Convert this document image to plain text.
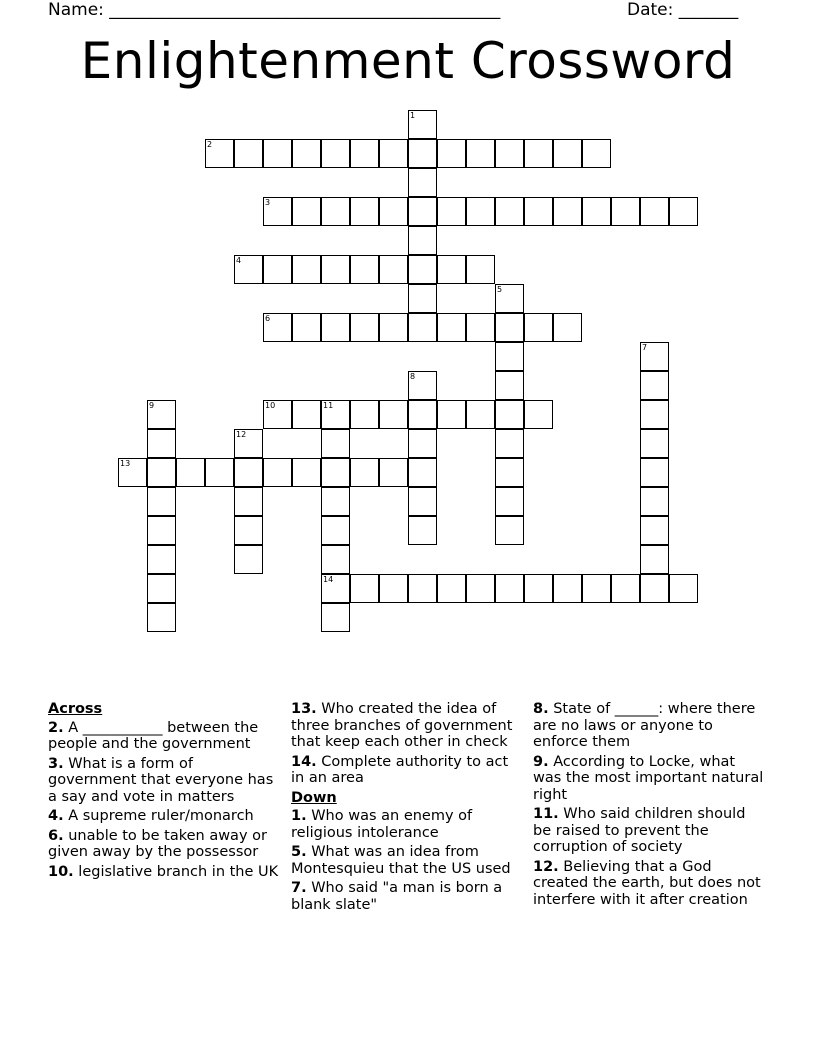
Name: ______________________________________________	Date: _______
Enlightenment Crossword
1
2
3
4
5
6
7
8
9	10	11
14
12
13
Across
2. A ___________ between the people and the government
3. What is a form of government that everyone has a say and vote in matters
4. A supreme ruler/monarch
6. unable to be taken away or given away by the possessor
10. legislative branch in the UK
13. Who created the idea of three branches of government that keep each other in check
14. Complete authority to act in an area
Down
1. Who was an enemy of religious intolerance
5. What was an idea from Montesquieu that the US used
7. Who said "a man is born a blank slate"
8. State of ______: where there are no laws or anyone to enforce them
9. According to Locke, what was the most important natural right
11. Who said children should be raised to prevent the corruption of society
12. Believing that a God created the earth, but does not interfere with it after creation
